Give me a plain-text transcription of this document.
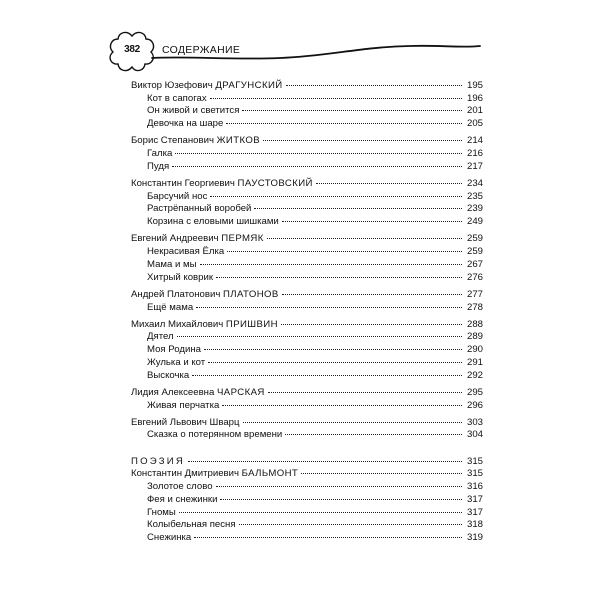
382	СОДЕРЖАНИЕ
Виктор Юзефович ДРАГУНСКИЙ	195
Кот в сапогах	196
Он живой и светится	201
Девочка на шаре	205
Борис Степанович ЖИТКОВ	214
Галка	216
Пудя	217
Константин Георгиевич ПАУСТОВСКИЙ	234
Барсучий нос	235
Растрёпанный воробей	239
Корзина с еловыми шишками	249
Евгений Андреевич ПЕРМЯК	259
Некрасивая Ёлка	259
Мама и мы	267
Хитрый коврик	276
Андрей Платонович ПЛАТОНОВ	277
Ещё мама	278
Михаил Михайлович ПРИШВИН	288
Дятел	289
Моя Родина	290
Жулька и кот	291
Выскочка	292
Лидия Алексеевна ЧАРСКАЯ	295
Живая перчатка	296
Евгений Львович Шварц	303
Сказка о потерянном времени	304
ПОЭЗИЯ	315
Константин Дмитриевич БАЛЬМОНТ	315
Золотое слово	316
Фея и снежинки	317
Гномы	317
Колыбельная песня	318
Снежинка	319
